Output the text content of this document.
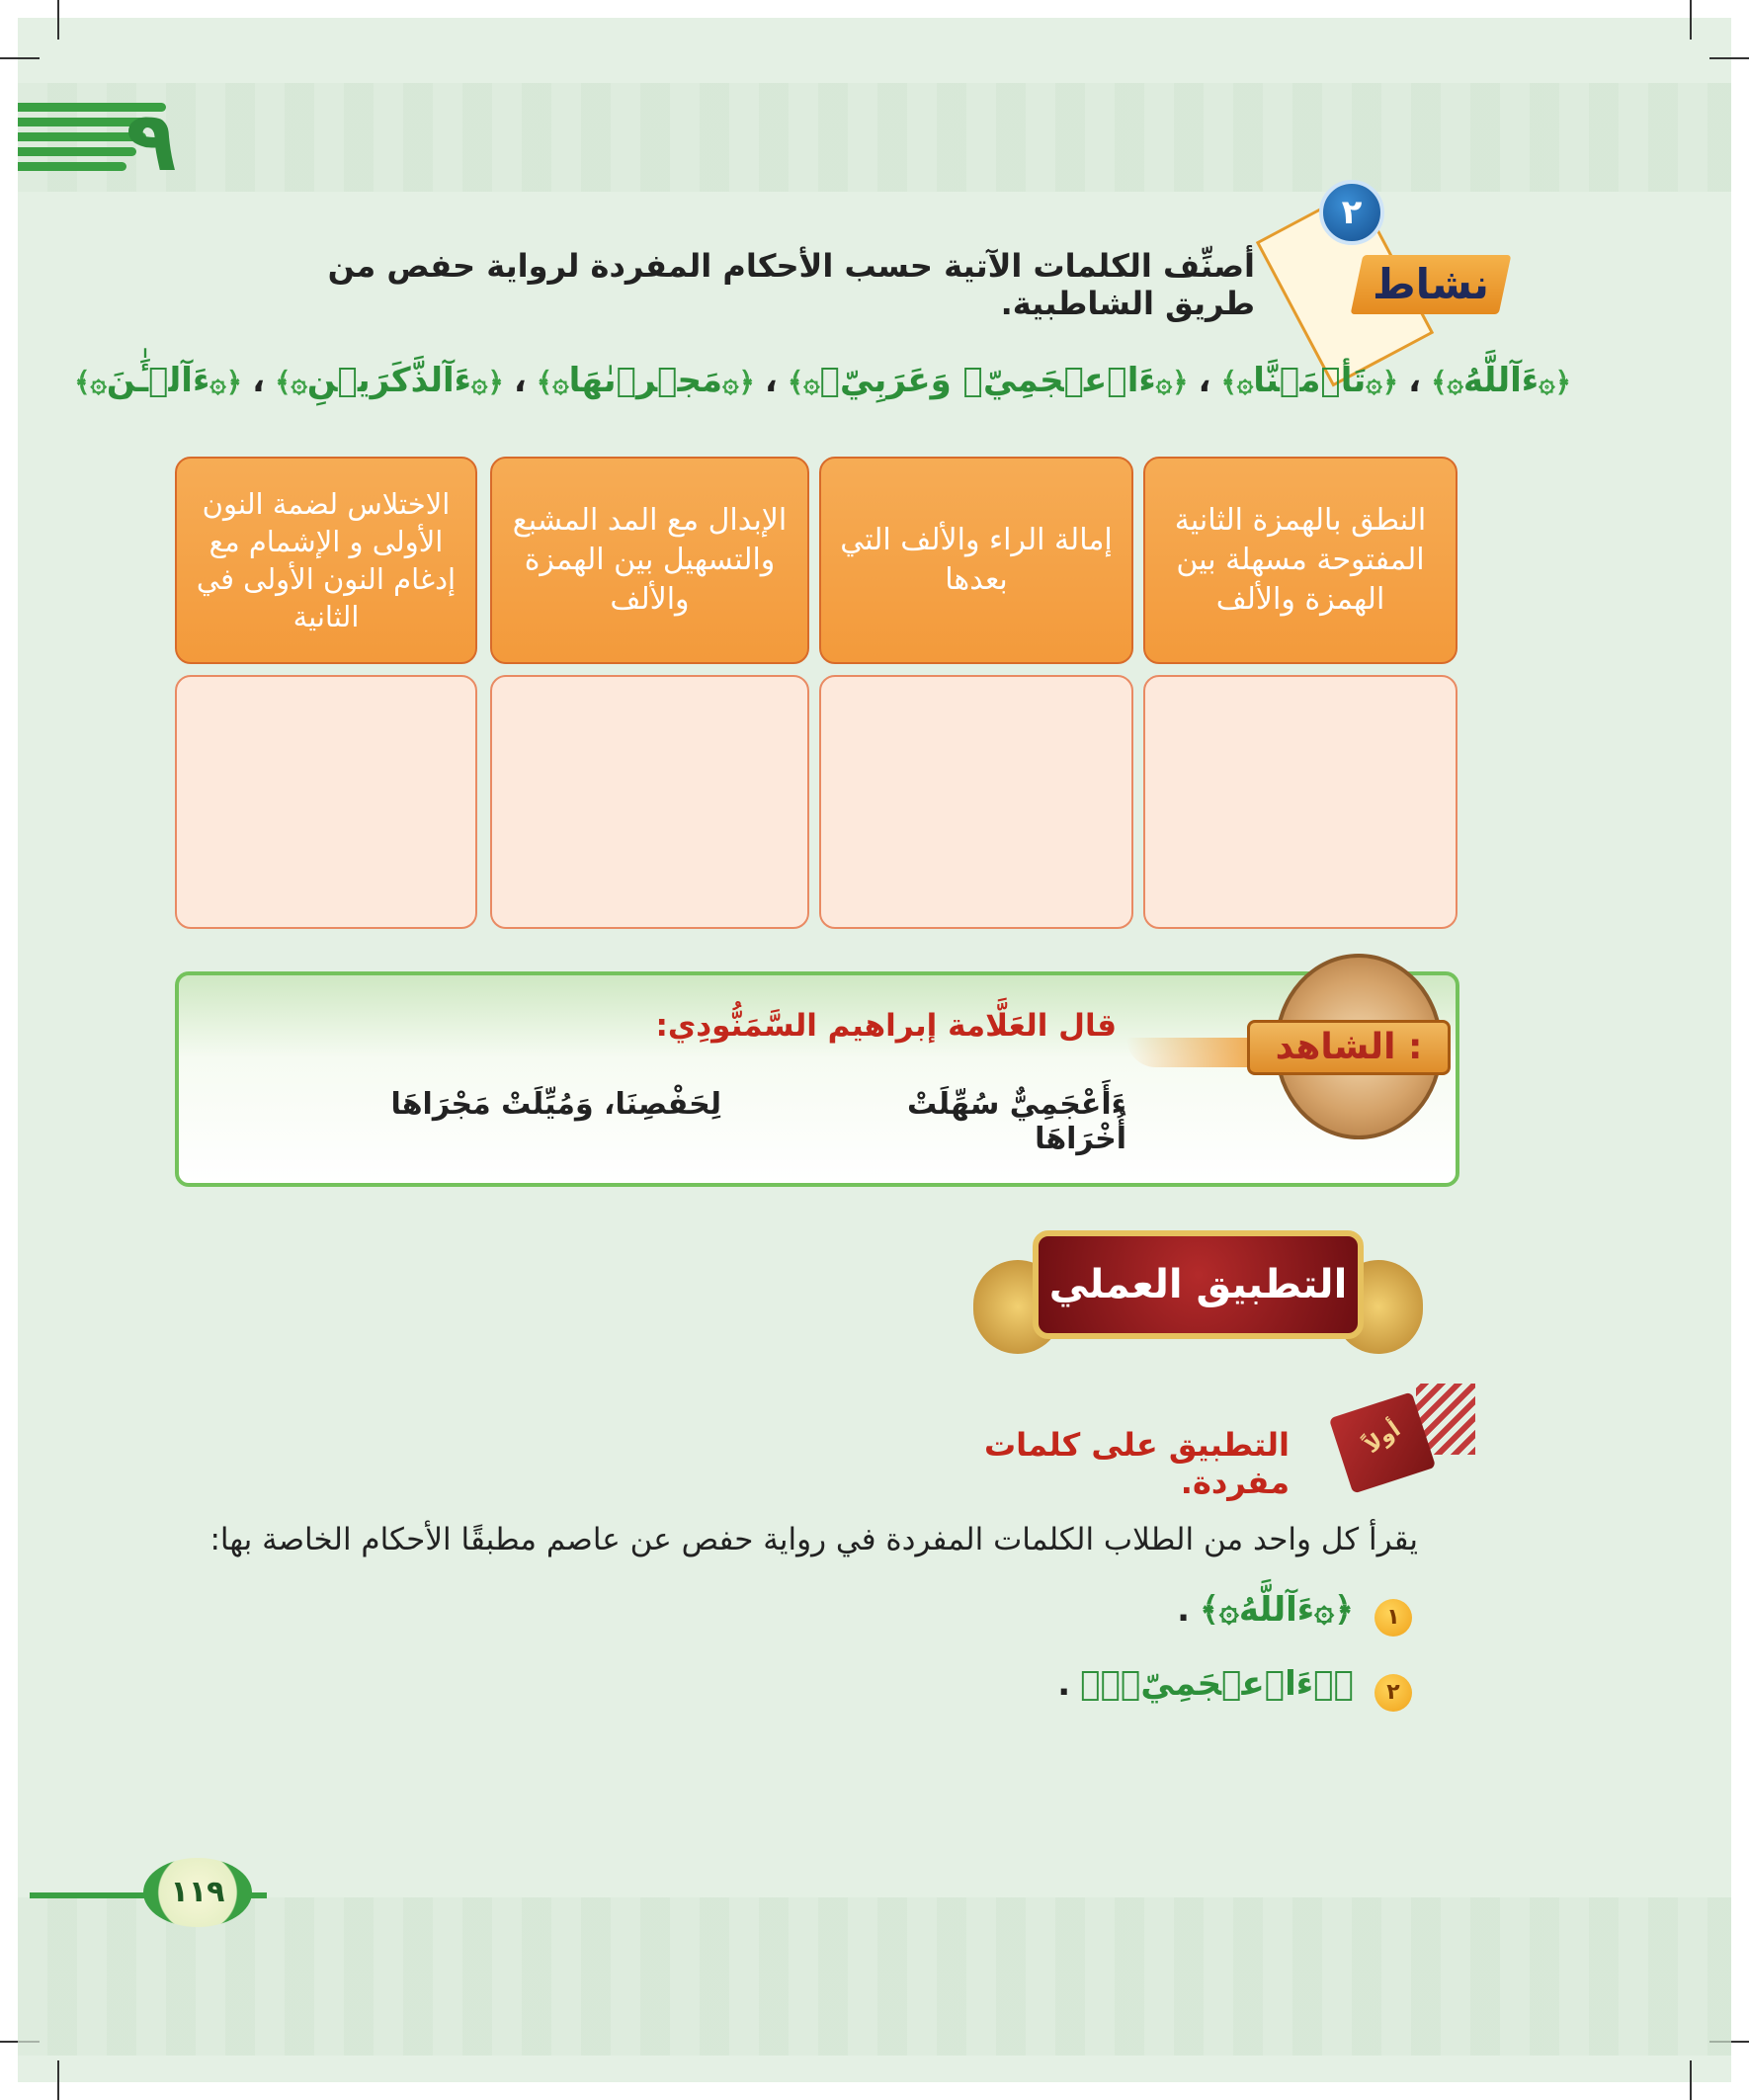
٩
نشاط
٢
أصنِّف الكلمات الآتية حسب الأحكام المفردة لرواية حفص من طريق الشاطبية.
﴿۞ءَآللَّهُ۞﴾،﴿۞تَأۡمَ۫نَّا۞﴾،﴿۞ءَا۬عۡجَمِيّٞ وَعَرَبِيّٞ۞﴾،﴿۞مَجۡر۪ىٰهَا۞﴾،﴿۞ءَآلذَّكَرَيۡنِ۞﴾،﴿۞ءَآلۡـَٰٔنَ۞﴾
النطق بالهمزة الثانية المفتوحة مسهلة بين الهمزة والألف
إمالة الراء والألف التي بعدها
الإبدال مع المد المشبع والتسهيل بين الهمزة والألف
الاختلاس لضمة النون الأولى و الإشمام مع إدغام النون الأولى في الثانية
الشاهد :
قال العَلَّامة إبراهيم السَّمَنُّودِي:
ءَأَعْجَمِيٌّ سُهِّلَتْ أُخْرَاهَا
لِحَفْصِنَا، وَمُيِّلَتْ مَجْرَاهَا
التطبيق العملي
أولاً
التطبيق على كلمات مفردة.
يقرأ كل واحد من الطلاب الكلمات المفردة في رواية حفص عن عاصم مطبقًا الأحكام الخاصة بها:
١
﴿۞ءَآللَّهُ۞﴾.
٢
﴿۞ءَا۬عۡجَمِيّٞ۞﴾.
١١٩
